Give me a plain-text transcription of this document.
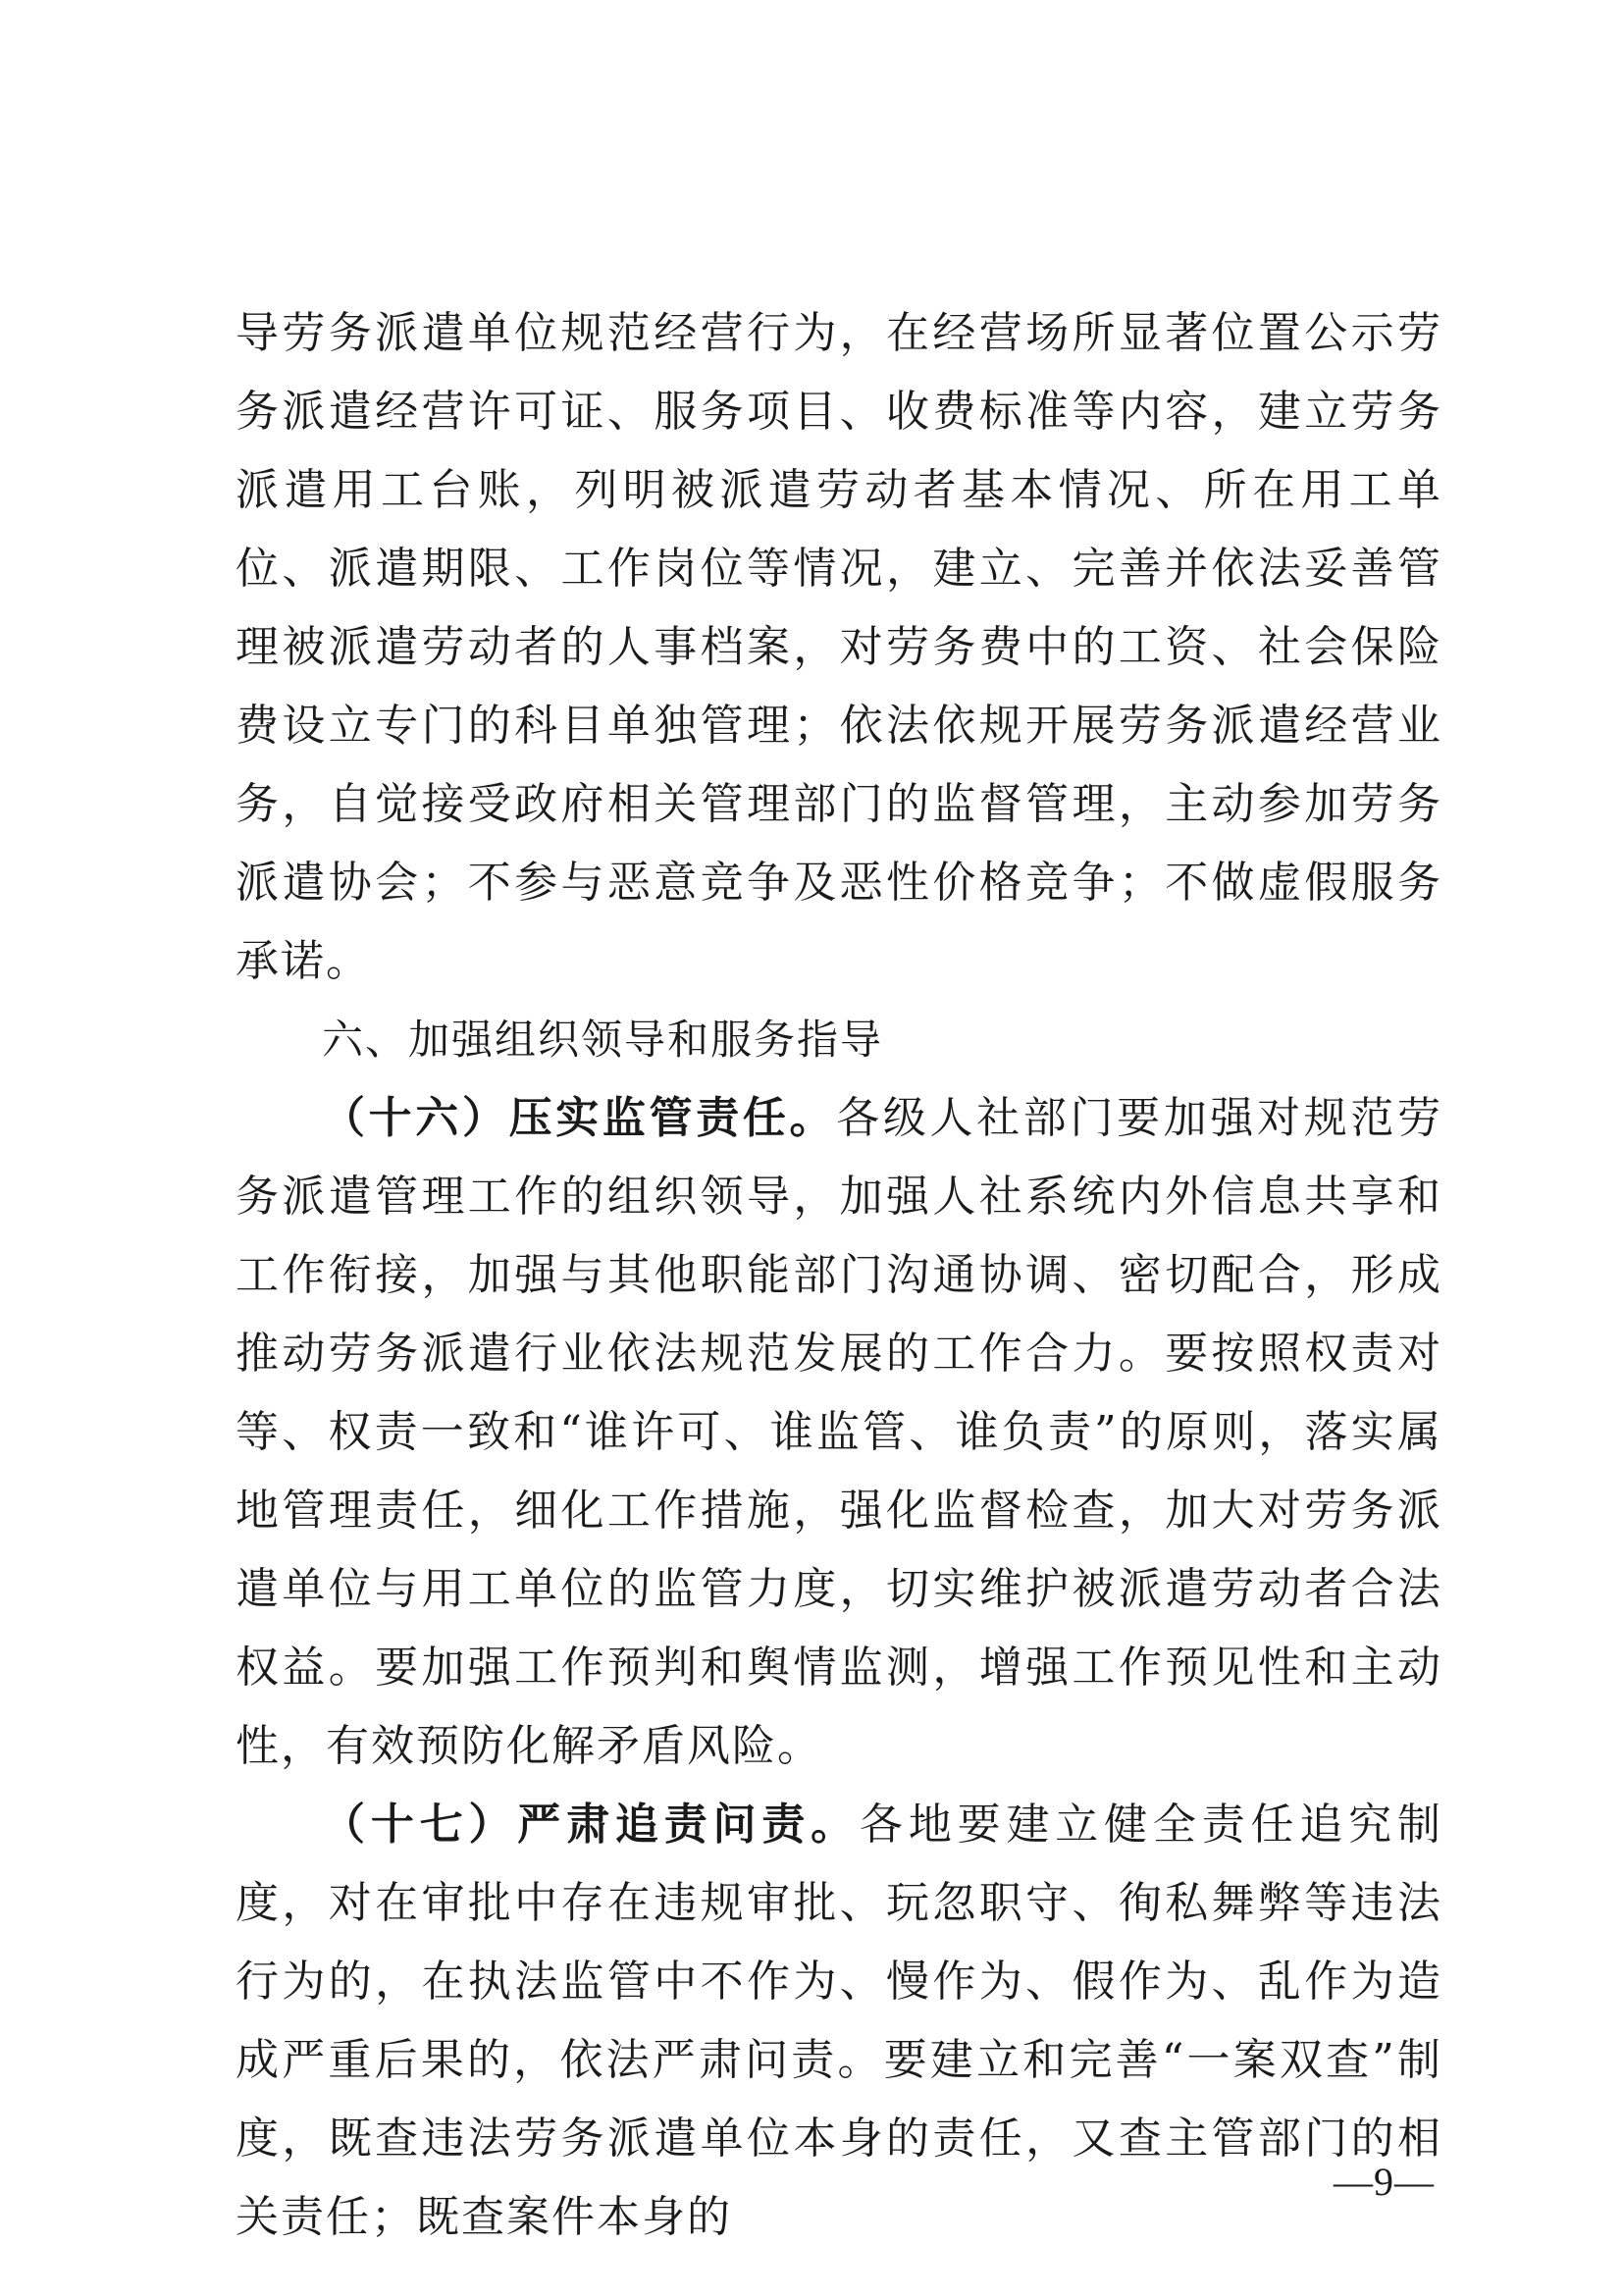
导劳务派遣单位规范经营行为，在经营场所显著位置公示劳务派遣经营许可证、服务项目、收费标准等内容，建立劳务派遣用工台账，列明被派遣劳动者基本情况、所在用工单位、派遣期限、工作岗位等情况，建立、完善并依法妥善管理被派遣劳动者的人事档案，对劳务费中的工资、社会保险费设立专门的科目单独管理；依法依规开展劳务派遣经营业务，自觉接受政府相关管理部门的监督管理，主动参加劳务派遣协会；不参与恶意竞争及恶性价格竞争；不做虚假服务承诺。

六、加强组织领导和服务指导

（十六）压实监管责任。各级人社部门要加强对规范劳务派遣管理工作的组织领导，加强人社系统内外信息共享和工作衔接，加强与其他职能部门沟通协调、密切配合，形成推动劳务派遣行业依法规范发展的工作合力。要按照权责对等、权责一致和“谁许可、谁监管、谁负责”的原则，落实属地管理责任，细化工作措施，强化监督检查，加大对劳务派遣单位与用工单位的监管力度，切实维护被派遣劳动者合法权益。要加强工作预判和舆情监测，增强工作预见性和主动性，有效预防化解矛盾风险。

（十七）严肃追责问责。各地要建立健全责任追究制度，对在审批中存在违规审批、玩忽职守、徇私舞弊等违法行为的，在执法监管中不作为、慢作为、假作为、乱作为造成严重后果的，依法严肃问责。要建立和完善“一案双查”制度，既查违法劳务派遣单位本身的责任，又查主管部门的相关责任；既查案件本身的

—9—
